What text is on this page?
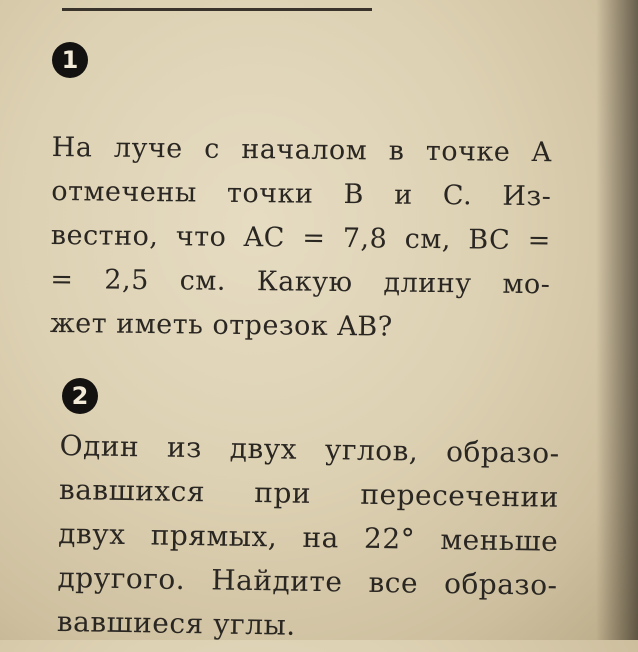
1
На луче с началом в точке A
отмечены точки B и C. Из-
вестно, что AC = 7,8 см, BC =
= 2,5 см. Какую длину мо-
жет иметь отрезок AB?
2
Один из двух углов, образо-
вавшихся при пересечении
двух прямых, на 22° меньше
другого. Найдите все образо-
вавшиеся углы.
